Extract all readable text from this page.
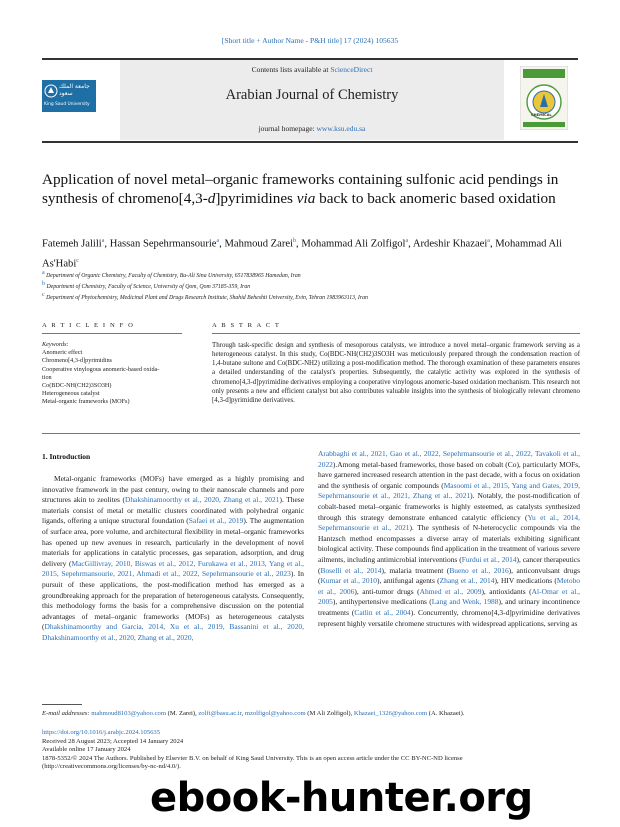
[Short title + Author Name - P&H title] 17 (2024) 105635
Contents lists available at ScienceDirect
Arabian Journal of Chemistry
journal homepage: www.ksu.edu.sa
جامعة الملك سعود
King Saud University
CHEMICAL
Application of novel metal–organic frameworks containing sulfonic acid pendings in synthesis of chromeno[4,3-d]pyrimidines via back to back anomeric based oxidation
Fatemeh Jalili$^a$, Hassan Sepehrmansourie$^a$, Mahmoud Zarei$^b$, Mohammad Ali Zolfigol$^a$, Ardeshir Khazaei$^a$, Mohammad Ali As'Habi$^c$
$^a$ Department of Organic Chemistry, Faculty of Chemistry, Bu-Ali Sina University, 6517838965 Hamedan, Iran
$^b$ Department of Chemistry, Faculty of Science, University of Qom, Qom 37185-359, Iran
$^c$ Department of Phytochemistry, Medicinal Plant and Drugs Research Institute, Shahid Beheshti University, Evin, Tehran 1983963113, Iran
A R T I C L E I N F O	A B S T R A C T
Keywords:
Anomeric effect
Chromeno[4,3-d]pyrimidins
Cooperative vinylogous anomeric-based oxida-
tion
Co(BDC-NH(CH2)3SO3H)
Heterogeneous catalyst
Metal-organic frameworks (MOFs)
Through task-specific design and synthesis of mesoporous catalysts, we introduce a novel metal–organic framework serving as a heterogeneous catalyst. In this study, Co(BDC-NH(CH2)3SO3H was meticulously prepared through the condensation reaction of 1,4-butane sultone and Co(BDC-NH2) utilizing a post-modification method. The thorough examination of these parameters ensures a detailed understanding of the catalyst's properties. Subsequently, the catalytic activity was explored in the synthesis of chromeno[4,3-d]pyrimidine derivatives employing a cooperative vinylogous anomeric-based oxidation mechanism. This research not only presents a new and efficient catalyst but also contributes valuable insights into the synthesis of biologically relevant chromeno [4,3-d]pyrimidine derivatives.
1. Introduction

Metal-organic frameworks (MOFs) have emerged as a highly promising and innovative framework in the past century, owing to their nanoscale channels and pore structures akin to zeolites (Dhakshinamoorthy et al., 2020, Zhang et al., 2021). These materials consist of metal or metallic clusters coordinated with polyhedral organic ligands, offering a unique structural foundation (Safaei et al., 2019). The augmentation of surface area, pore volume, and architectural flexibility in metal–organic frameworks has opened up new avenues in research, particularly in the development of novel materials for applications in catalytic processes, gas separation, adsorption, and drug delivery (MacGillivray, 2010, Biswas et al., 2012, Furukawa et al., 2013, Yang et al., 2015, Sepehrmansourie, 2021, Ahmadi et al., 2022, Sepehrmansourie et al., 2023). In pursuit of these applications, the post-modification method has emerged as a groundbreaking approach for the preparation of heterogeneous catalysts. Consequently, this methodology forms the basis for a comprehensive discussion on the potential advantages of metal–organic frameworks (MOFs) as heterogeneous catalysts (Dhakshinamoorthy and Garcia, 2014, Xu et al., 2019, Bassanini et al., 2020, Dhakshinamoorthy et al., 2020, Zhang et al., 2020,

Arabbaghi et al., 2021, Gao et al., 2022, Sepehrmansourie et al., 2022, Tavakoli et al., 2022).Among metal-based frameworks, those based on cobalt (Co), particularly MOFs, have garnered increased research attention in the past decade, with a focus on oxidation and the synthesis of organic compounds (Masoomi et al., 2015, Yang and Gates, 2019, Sepehrmansourie et al., 2021, Zhang et al., 2021). Notably, the post-modification of cobalt-based metal–organic frameworks is highly esteemed, as catalysts synthesized through this strategy demonstrate enhanced catalytic efficiency (Yu et al., 2014, Sepehrmansourie et al., 2021). The synthesis of N-heterocyclic compounds via the Hantzsch method encompasses a diverse array of materials exhibiting significant biological activity. These compounds find application in the treatment of various severe ailments, including antimicrobial interventions (Furdui et al., 2014), cancer therapeutics (Boselli et al., 2014), malaria treatment (Bueno et al., 2016), anticonvulsant drugs (Kumar et al., 2010), antifungal agents (Zhang et al., 2014), HIV medications (Metobo et al., 2006), anti-tumor drugs (Ahmed et al., 2009), antioxidants (Al-Omar et al., 2005), antihypertensive medications (Lang and Wenk, 1988), and urinary incontinence treatments (Catlin et al., 2004). Concurrently, chromeno[4,3-d]pyrimidine derivatives represent highly versatile chromene structures with widespread applications, serving as

E-mail addresses: mahmoud8103@yahoo.com (M. Zarei), zolfi@basu.ac.ir, mzolfigol@yahoo.com (M Ali Zolfigol), Khazaei_1326@yahoo.com (A. Khazaei).
https://doi.org/10.1016/j.arabjc.2024.105635
Received 28 August 2023; Accepted 14 January 2024
Available online 17 January 2024
1878-5352/© 2024 The Authors. Published by Elsevier B.V. on behalf of King Saud University. This is an open access article under the CC BY-NC-ND license
(http://creativecommons.org/licenses/by-nc-nd/4.0/).
ebook-hunter.org
